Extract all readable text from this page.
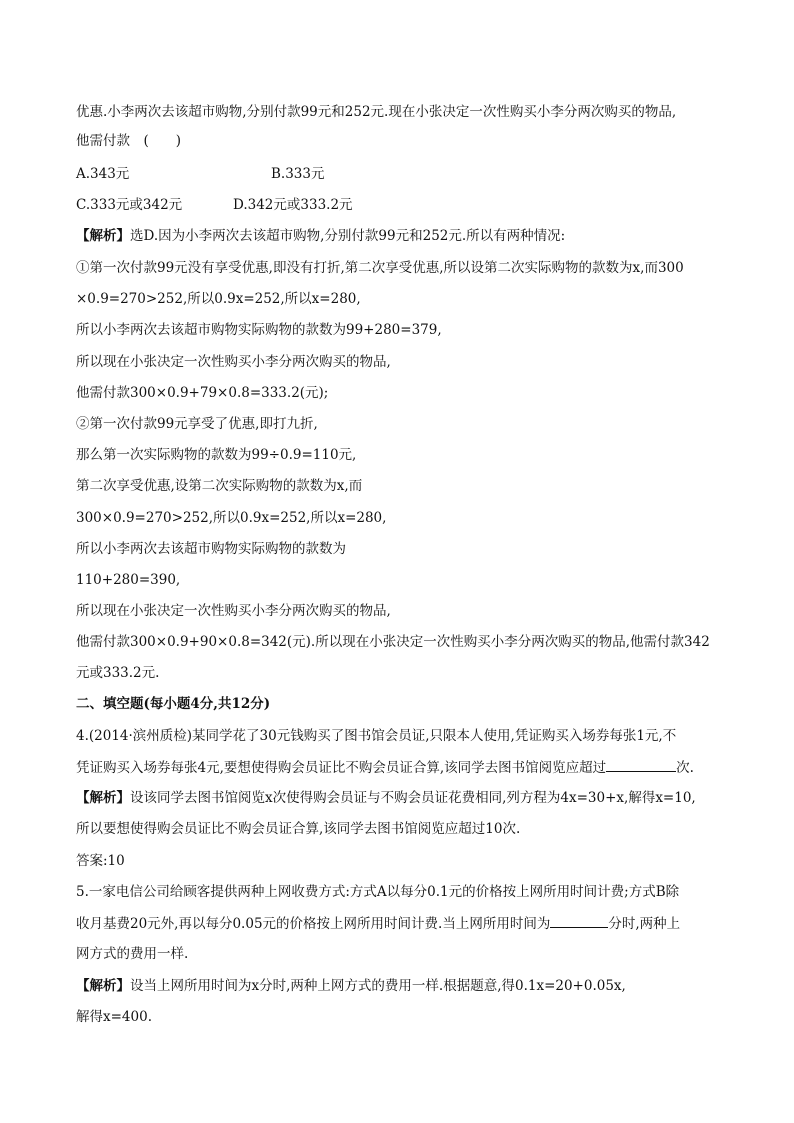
优惠.小李两次去该超市购物,分别付款99元和252元.现在小张决定一次性购买小李分两次购买的物品,
他需付款　(　　)
A.343元	B.333元
C.333元或342元	D.342元或333.2元
【解析】选D.因为小李两次去该超市购物,分别付款99元和252元.所以有两种情况:
①第一次付款99元没有享受优惠,即没有打折,第二次享受优惠,所以设第二次实际购物的款数为x,而300
×0.9=270>252,所以0.9x=252,所以x=280,
所以小李两次去该超市购物实际购物的款数为99+280=379,
所以现在小张决定一次性购买小李分两次购买的物品,
他需付款300×0.9+79×0.8=333.2(元);
②第一次付款99元享受了优惠,即打九折,
那么第一次实际购物的款数为99÷0.9=110元,
第二次享受优惠,设第二次实际购物的款数为x,而
300×0.9=270>252,所以0.9x=252,所以x=280,
所以小李两次去该超市购物实际购物的款数为
110+280=390,
所以现在小张决定一次性购买小李分两次购买的物品,
他需付款300×0.9+90×0.8=342(元).所以现在小张决定一次性购买小李分两次购买的物品,他需付款342
元或333.2元.
二、填空题(每小题4分,共12分)
4.(2014·滨州质检)某同学花了30元钱购买了图书馆会员证,只限本人使用,凭证购买入场券每张1元,不
凭证购买入场券每张4元,要想使得购会员证比不购会员证合算,该同学去图书馆阅览应超过	次.
【解析】设该同学去图书馆阅览x次使得购会员证与不购会员证花费相同,列方程为4x=30+x,解得x=10,
所以要想使得购会员证比不购会员证合算,该同学去图书馆阅览应超过10次.
答案:10
5.一家电信公司给顾客提供两种上网收费方式:方式A以每分0.1元的价格按上网所用时间计费;方式B除
收月基费20元外,再以每分0.05元的价格按上网所用时间计费.当上网所用时间为	分时,两种上
网方式的费用一样.
【解析】设当上网所用时间为x分时,两种上网方式的费用一样.根据题意,得0.1x=20+0.05x,
解得x=400.
